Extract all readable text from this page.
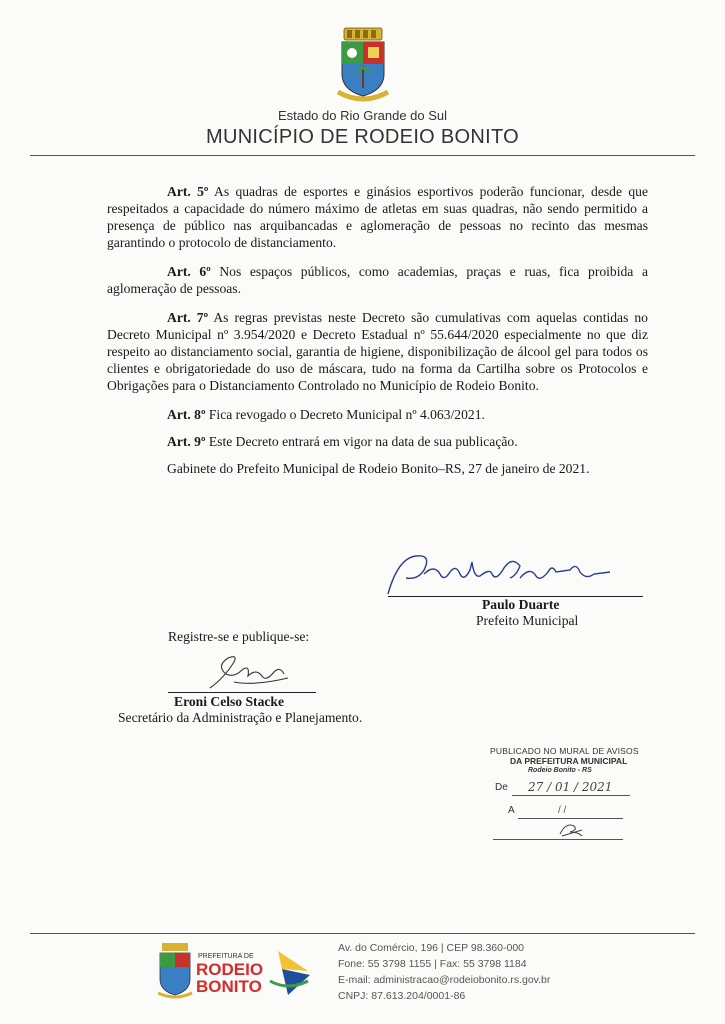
Estado do Rio Grande do Sul
MUNICÍPIO DE RODEIO BONITO

Art. 5º As quadras de esportes e ginásios esportivos poderão funcionar, desde que respeitados a capacidade do número máximo de atletas em suas quadras, não sendo permitido a presença de público nas arquibancadas e aglomeração de pessoas no recinto das mesmas garantindo o protocolo de distanciamento.

Art. 6º Nos espaços públicos, como academias, praças e ruas, fica proibida a aglomeração de pessoas.

Art. 7º As regras previstas neste Decreto são cumulativas com aquelas contidas no Decreto Municipal nº 3.954/2020 e Decreto Estadual nº 55.644/2020 especialmente no que diz respeito ao distanciamento social, garantia de higiene, disponibilização de álcool gel para todos os clientes e obrigatoriedade do uso de máscara, tudo na forma da Cartilha sobre os Protocolos e Obrigações para o Distanciamento Controlado no Município de Rodeio Bonito.

Art. 8º Fica revogado o Decreto Municipal nº 4.063/2021.

Art. 9º Este Decreto entrará em vigor na data de sua publicação.

Gabinete do Prefeito Municipal de Rodeio Bonito–RS, 27 de janeiro de 2021.

Paulo Duarte
Prefeito Municipal
Registre-se e publique-se:
Eroni Celso Stacke
Secretário da Administração e Planejamento.
PUBLICADO NO MURAL DE AVISOS
DA PREFEITURA MUNICIPAL
Rodeio Bonito - RS
De 27 / 01 / 2021
A	/ /
PREFEITURA DE
RODEIO
BONITO
Av. do Comércio, 196 | CEP 98.360-000
Fone: 55 3798 1155 | Fax: 55 3798 1184
E-mail: administracao@rodeiobonito.rs.gov.br
CNPJ: 87.613.204/0001-86
